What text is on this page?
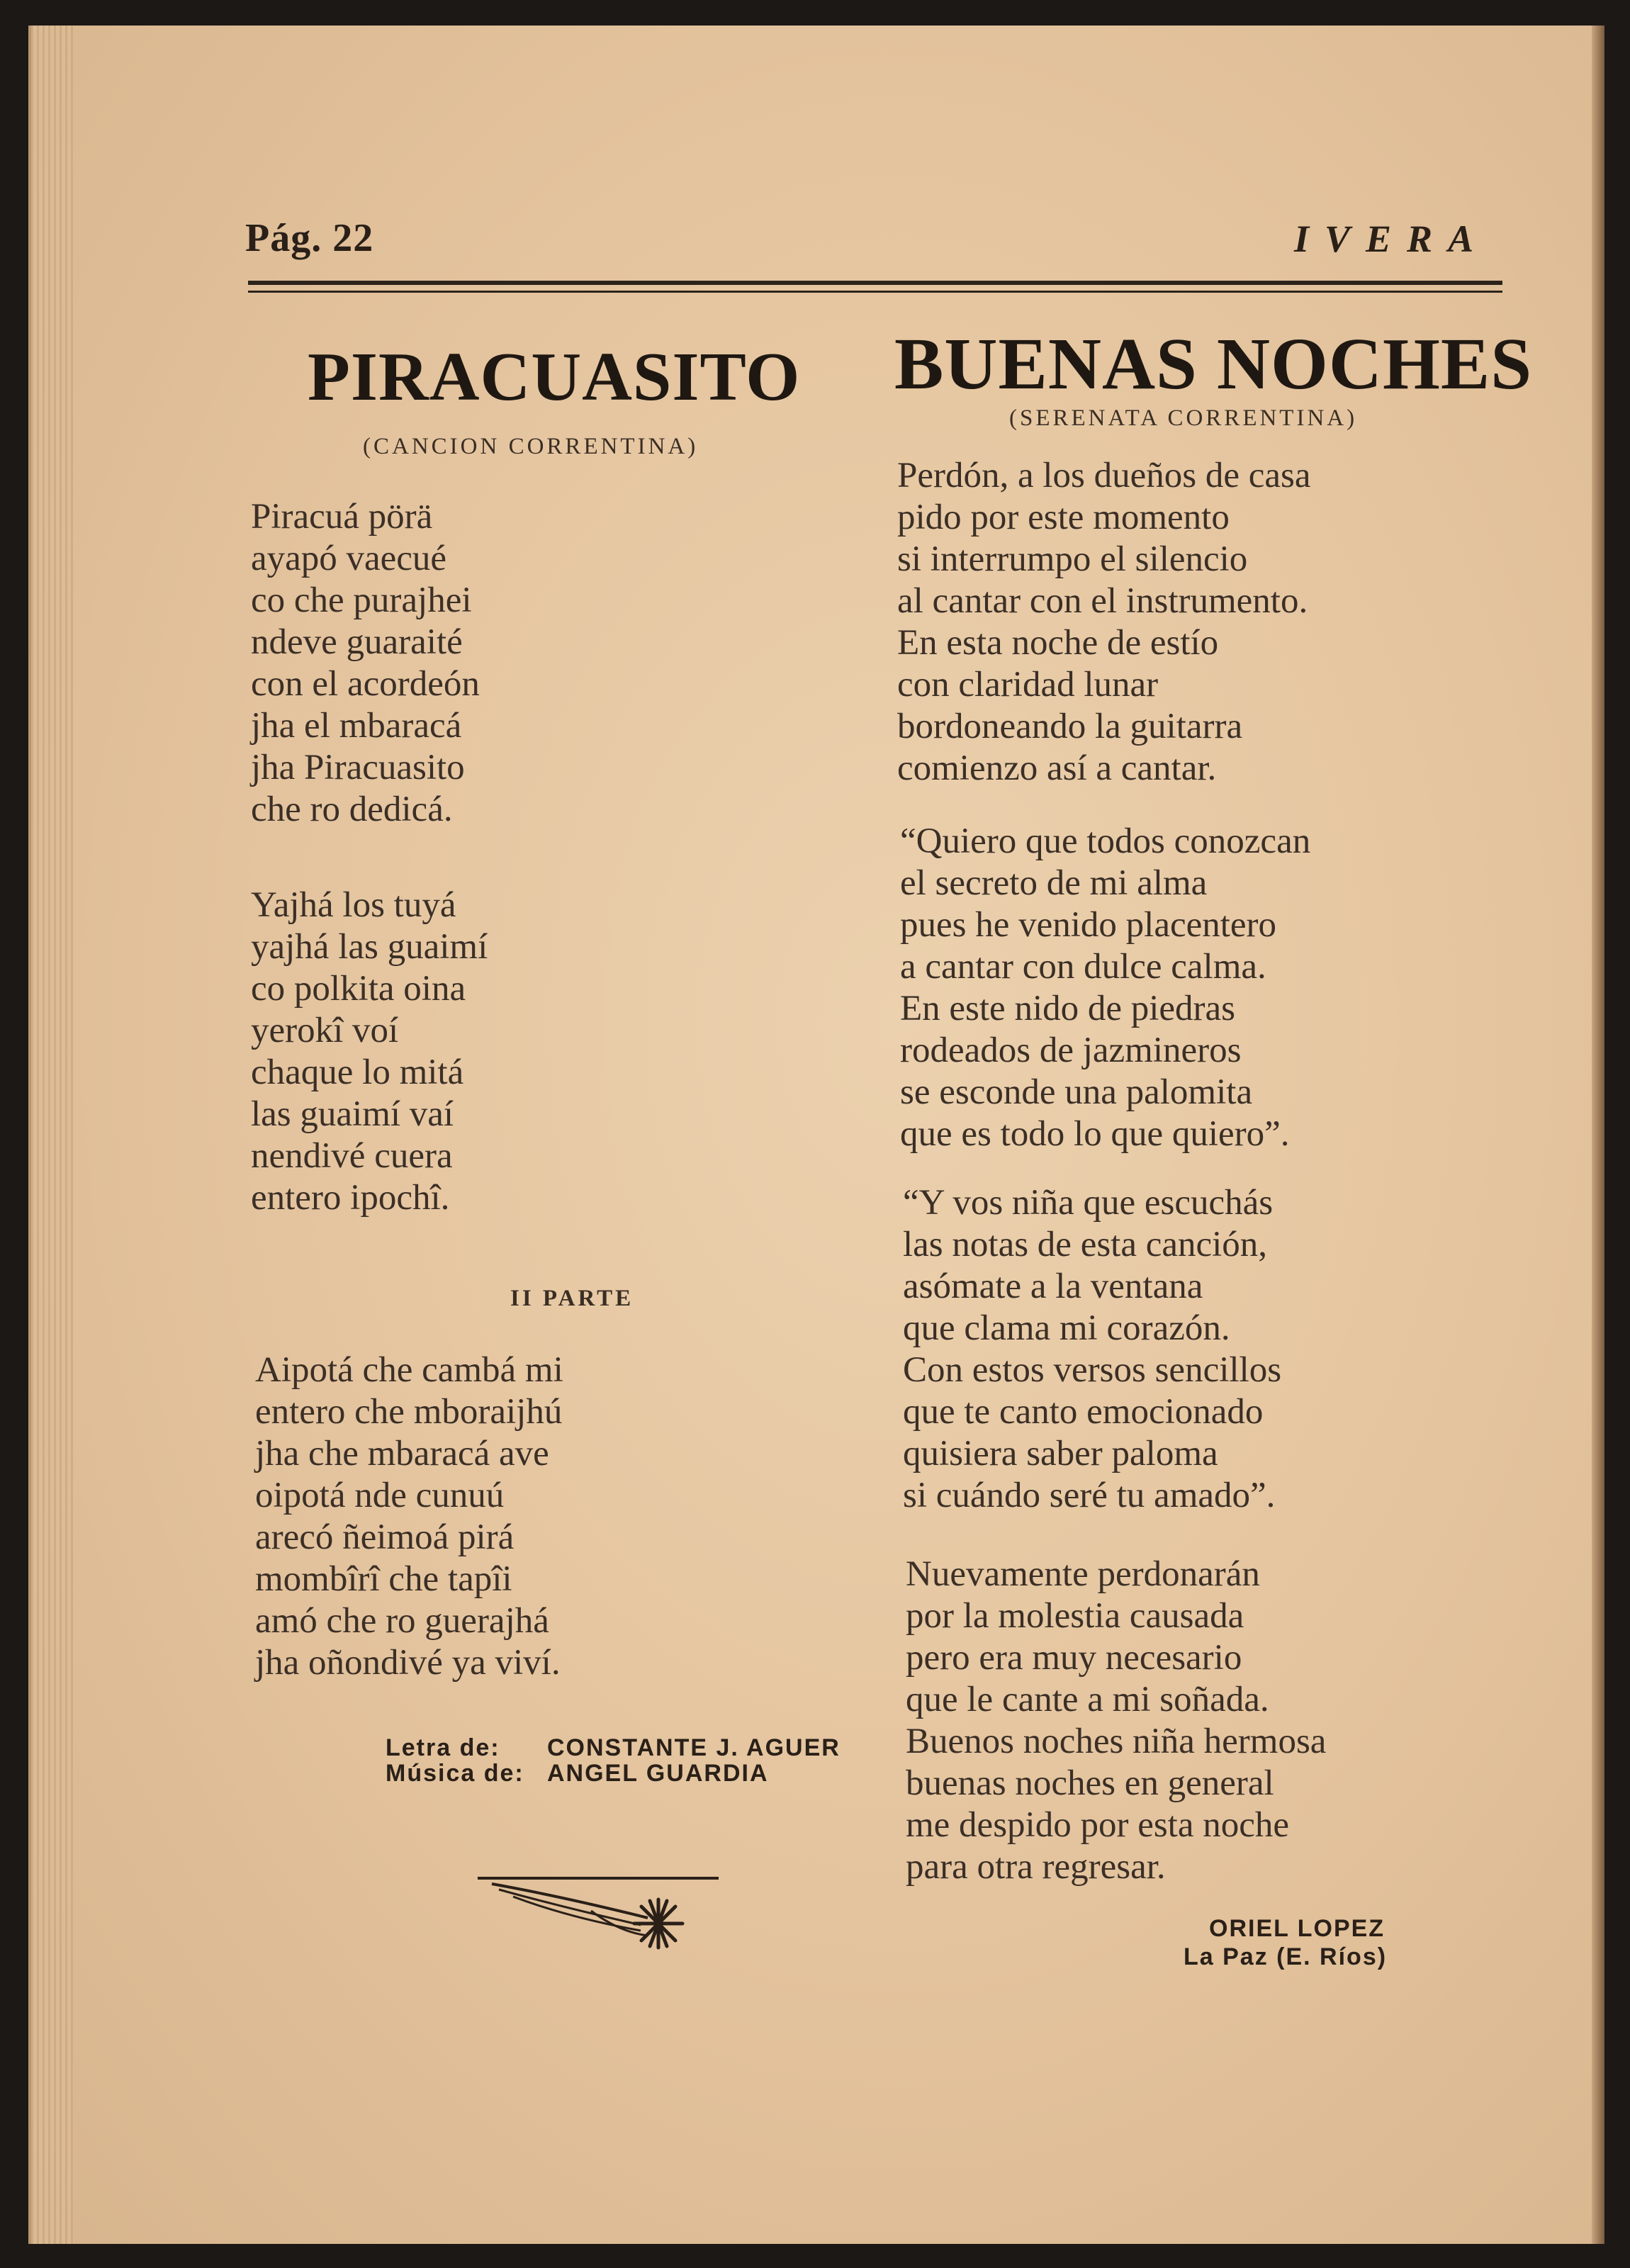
Pág. 22	IVERA
PIRACUASITO
(CANCION CORRENTINA)
Piracuá pörä
ayapó vaecué
co che purajhei
ndeve guaraité
con el acordeón
jha el mbaracá
jha Piracuasito
che ro dedicá.
Yajhá los tuyá
yajhá las guaimí
co polkita oina
yerokî voí
chaque lo mitá
las guaimí vaí
nendivé cuera
entero ipochî.
II PARTE
Aipotá che cambá mi
entero che mboraijhú
jha che mbaracá ave
oipotá nde cunuú
arecó ñeimoá pirá
mombîrî che tapîi
amó che ro guerajhá
jha oñondivé ya viví.
Letra de: CONSTANTE J. AGUER
Música de: ANGEL GUARDIA
BUENAS NOCHES
(SERENATA CORRENTINA)
Perdón, a los dueños de casa
pido por este momento
si interrumpo el silencio
al cantar con el instrumento.
En esta noche de estío
con claridad lunar
bordoneando la guitarra
comienzo así a cantar.
“Quiero que todos conozcan
el secreto de mi alma
pues he venido placentero
a cantar con dulce calma.
En este nido de piedras
rodeados de jazmineros
se esconde una palomita
que es todo lo que quiero”.
“Y vos niña que escuchás
las notas de esta canción,
asómate a la ventana
que clama mi corazón.
Con estos versos sencillos
que te canto emocionado
quisiera saber paloma
si cuándo seré tu amado”.
Nuevamente perdonarán
por la molestia causada
pero era muy necesario
que le cante a mi soñada.
Buenos noches niña hermosa
buenas noches en general
me despido por esta noche
para otra regresar.
ORIEL LOPEZ
La Paz (E. Ríos)
